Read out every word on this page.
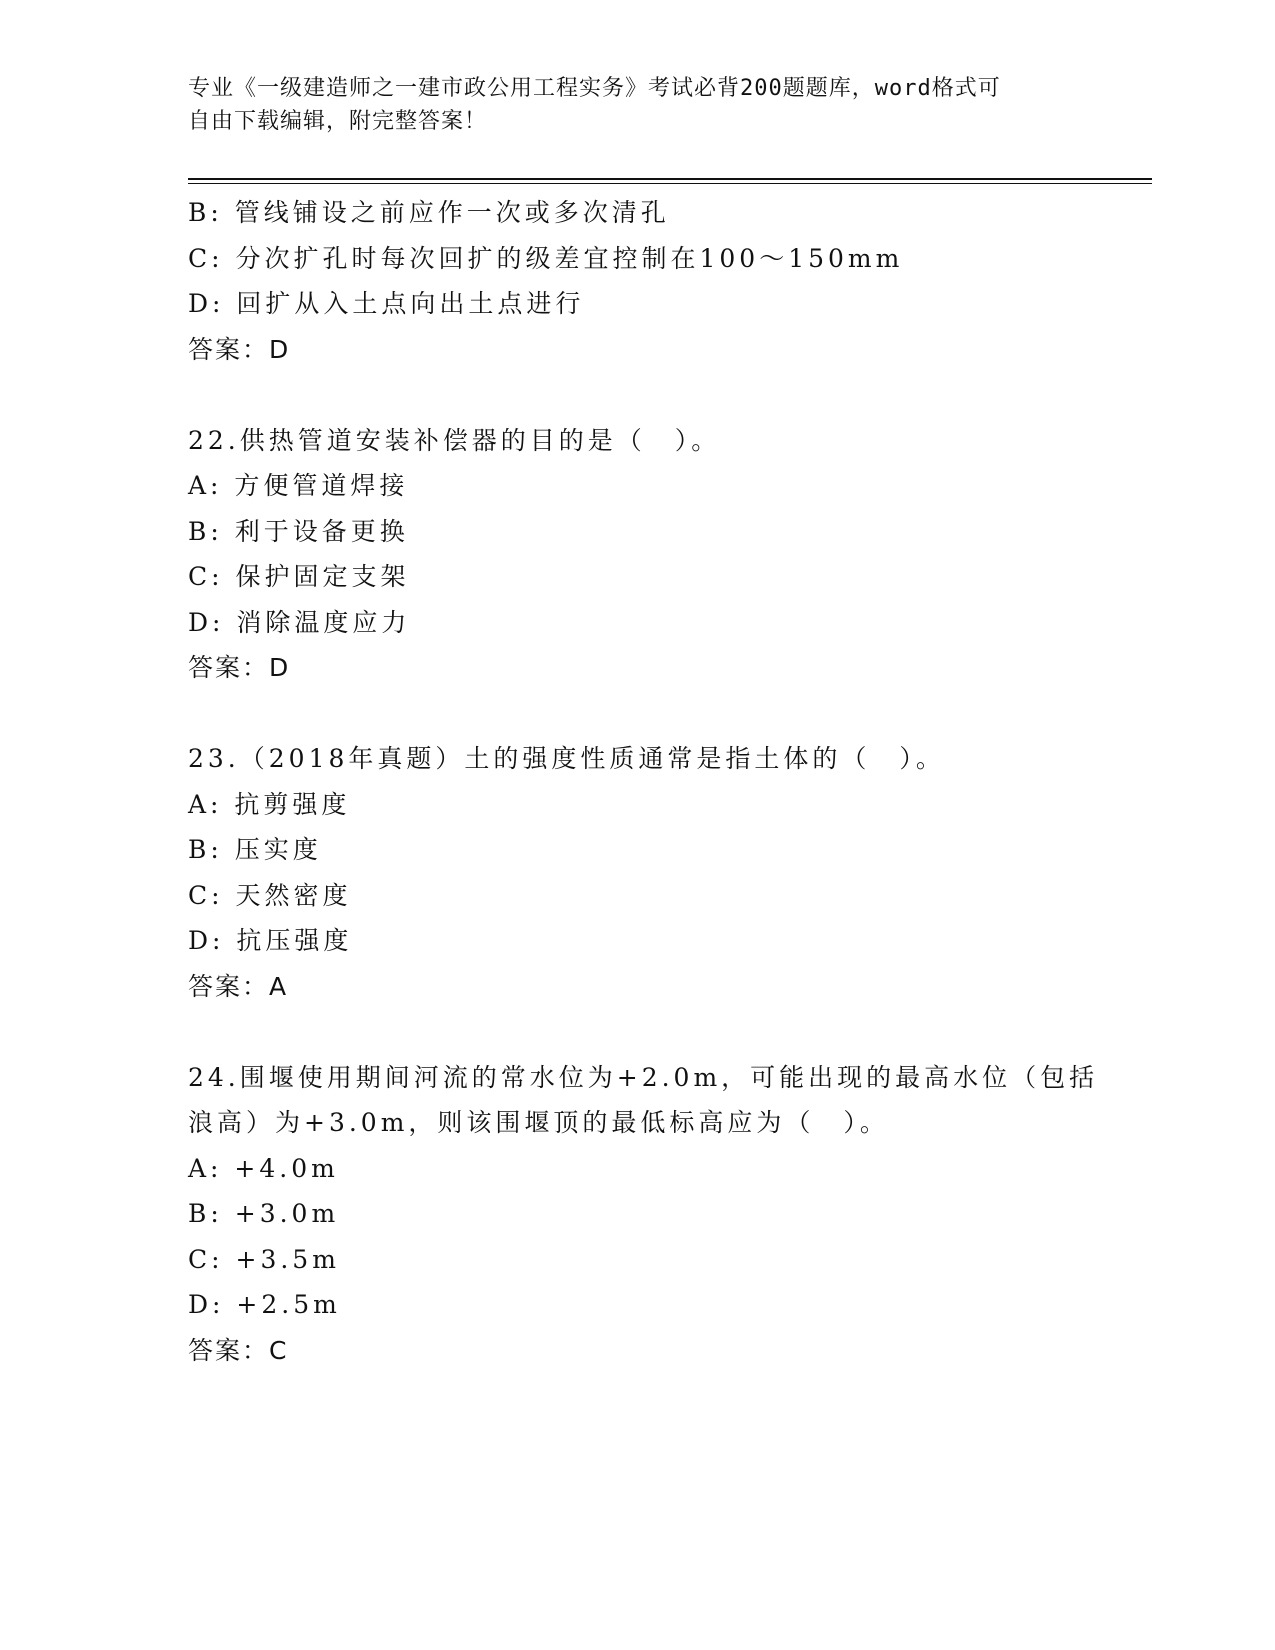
专业《一级建造师之一建市政公用工程实务》考试必背200题题库，word格式可
自由下载编辑，附完整答案！
B: 管线铺设之前应作一次或多次清孔
C: 分次扩孔时每次回扩的级差宜控制在100～150mm
D: 回扩从入土点向出土点进行
答案：D
22.供热管道安装补偿器的目的是（　）。
A: 方便管道焊接
B: 利于设备更换
C: 保护固定支架
D: 消除温度应力
答案：D
23.（2018年真题）土的强度性质通常是指土体的（　）。
A: 抗剪强度
B: 压实度
C: 天然密度
D: 抗压强度
答案：A
24.围堰使用期间河流的常水位为+2.0m，可能出现的最高水位（包括
浪高）为+3.0m，则该围堰顶的最低标高应为（　）。
A: +4.0m
B: +3.0m
C: +3.5m
D: +2.5m
答案：C
